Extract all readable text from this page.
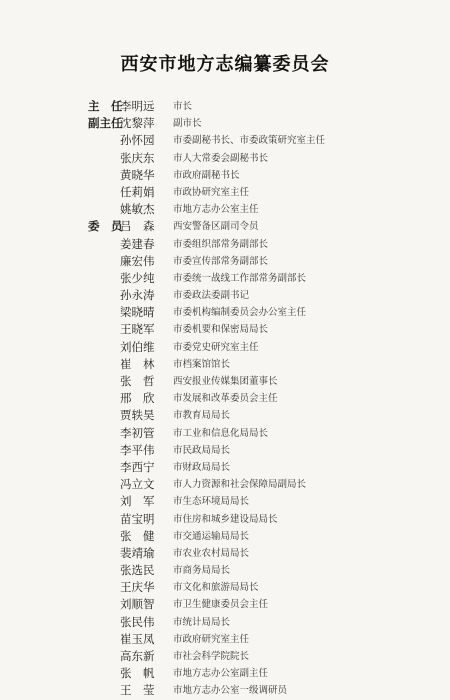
西安市地方志编纂委员会
主　任
李明远	市长
副主任
沈黎萍	副市长
孙怀园	市委副秘书长、市委政策研究室主任
张庆东	市人大常委会副秘书长
黄晓华	市政府副秘书长
任莉娟	市政协研究室主任
姚敏杰	市地方志办公室主任
委　员
吕　森	西安警备区副司令员
姜建春	市委组织部常务副部长
廉宏伟	市委宣传部常务副部长
张少纯	市委统一战线工作部常务副部长
孙永涛	市委政法委副书记
梁晓晴	市委机构编制委员会办公室主任
王晓军	市委机要和保密局局长
刘伯维	市委党史研究室主任
崔　林	市档案馆馆长
张　哲	西安报业传媒集团董事长
邢　欣	市发展和改革委员会主任
贾轶昊	市教育局局长
李初管	市工业和信息化局局长
李平伟	市民政局局长
李西宁	市财政局局长
冯立文	市人力资源和社会保障局副局长
刘　军	市生态环境局局长
苗宝明	市住房和城乡建设局局长
张　健	市交通运输局局长
裴靖瑜	市农业农村局局长
张选民	市商务局局长
王庆华	市文化和旅游局局长
刘顺智	市卫生健康委员会主任
张民伟	市统计局局长
崔玉凤	市政府研究室主任
高东新	市社会科学院院长
张　帆	市地方志办公室副主任
王　莹	市地方志办公室一级调研员
